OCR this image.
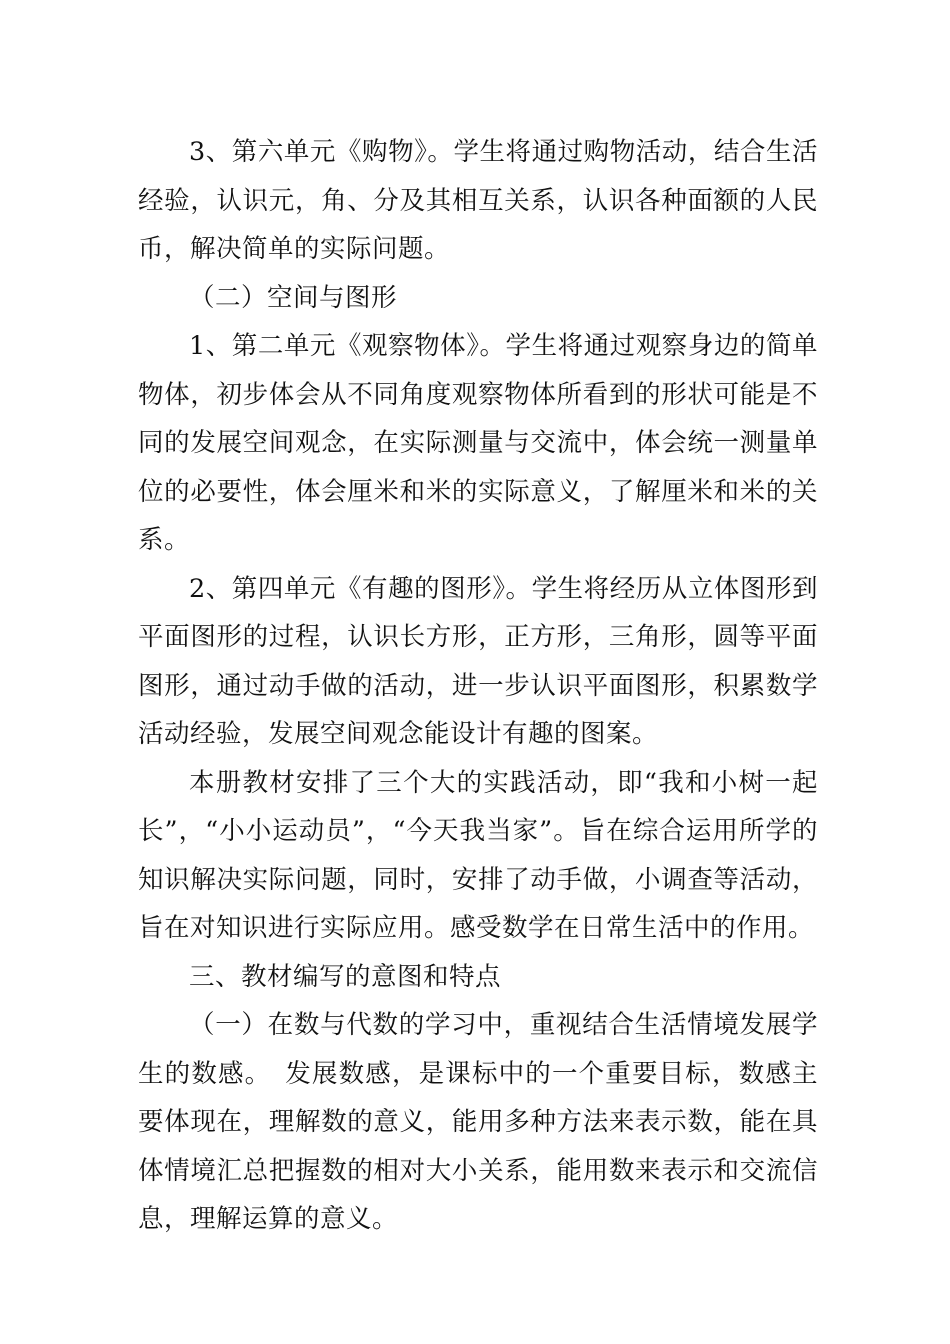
3、第六单元《购物》。学生将通过购物活动，结合生活经验，认识元，角、分及其相互关系，认识各种面额的人民币，解决简单的实际问题。

（二）空间与图形

1、第二单元《观察物体》。学生将通过观察身边的简单物体，初步体会从不同角度观察物体所看到的形状可能是不同的发展空间观念，在实际测量与交流中，体会统一测量单位的必要性，体会厘米和米的实际意义，了解厘米和米的关系。

2、第四单元《有趣的图形》。学生将经历从立体图形到平面图形的过程，认识长方形，正方形，三角形，圆等平面图形，通过动手做的活动，进一步认识平面图形，积累数学活动经验，发展空间观念能设计有趣的图案。

本册教材安排了三个大的实践活动，即“我和小树一起长”，“小小运动员”，“今天我当家”。旨在综合运用所学的知识解决实际问题，同时，安排了动手做，小调查等活动，旨在对知识进行实际应用。感受数学在日常生活中的作用。

三、教材编写的意图和特点

（一）在数与代数的学习中，重视结合生活情境发展学生的数感。　发展数感，是课标中的一个重要目标，数感主要体现在，理解数的意义，能用多种方法来表示数，能在具体情境汇总把握数的相对大小关系，能用数来表示和交流信息，理解运算的意义。
